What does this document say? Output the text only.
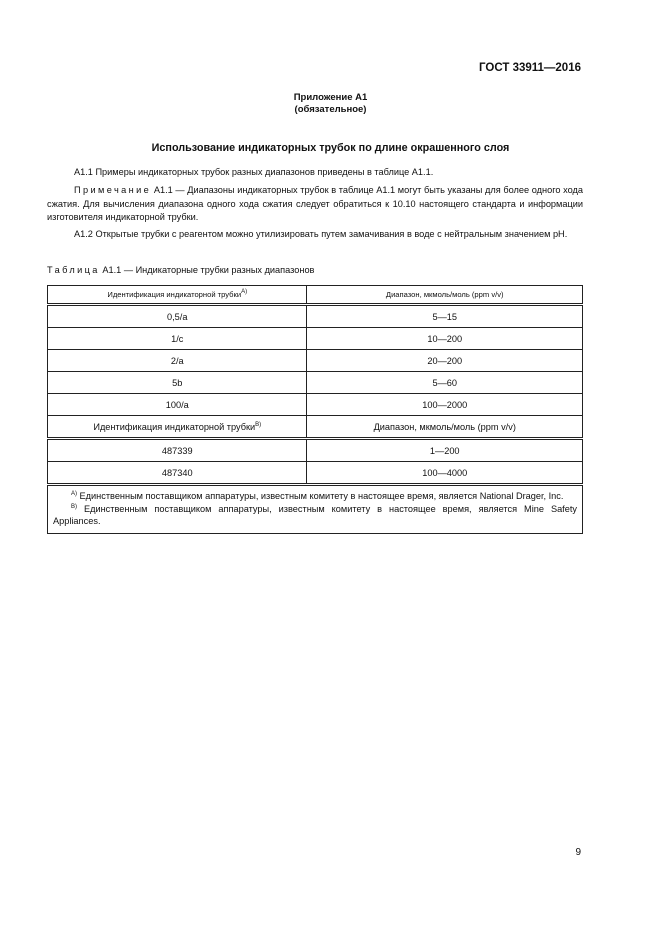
ГОСТ 33911—2016
Приложение А1
(обязательное)
Использование индикаторных трубок по длине окрашенного слоя
А1.1 Примеры индикаторных трубок разных диапазонов приведены в таблице А1.1.
Примечание А1.1 — Диапазоны индикаторных трубок в таблице А1.1 могут быть указаны для более одного хода сжатия. Для вычисления диапазона одного хода сжатия следует обратиться к 10.10 настоящего стандарта и информации изготовителя индикаторной трубки.
А1.2 Открытые трубки с реагентом можно утилизировать путем замачивания в воде с нейтральным значением pH.
Таблица А1.1 — Индикаторные трубки разных диапазонов
Идентификация индикаторной трубки$^{А)}$	Диапазон, мкмоль/моль (ppm v/v)
0,5/a	5—15
1/c	10—200
2/a	20—200
5b	5—60
100/a	100—2000
Идентификация индикаторной трубки$^{В)}$	Диапазон, мкмоль/моль (ppm v/v)
487339	1—200
487340	100—4000

$^{А)}$ Единственным поставщиком аппаратуры, известным комитету в настоящее время, является National Drager, Inc.
$^{В)}$ Единственным поставщиком аппаратуры, известным комитету в настоящее время, является Mine Safety Appliances.	
9
